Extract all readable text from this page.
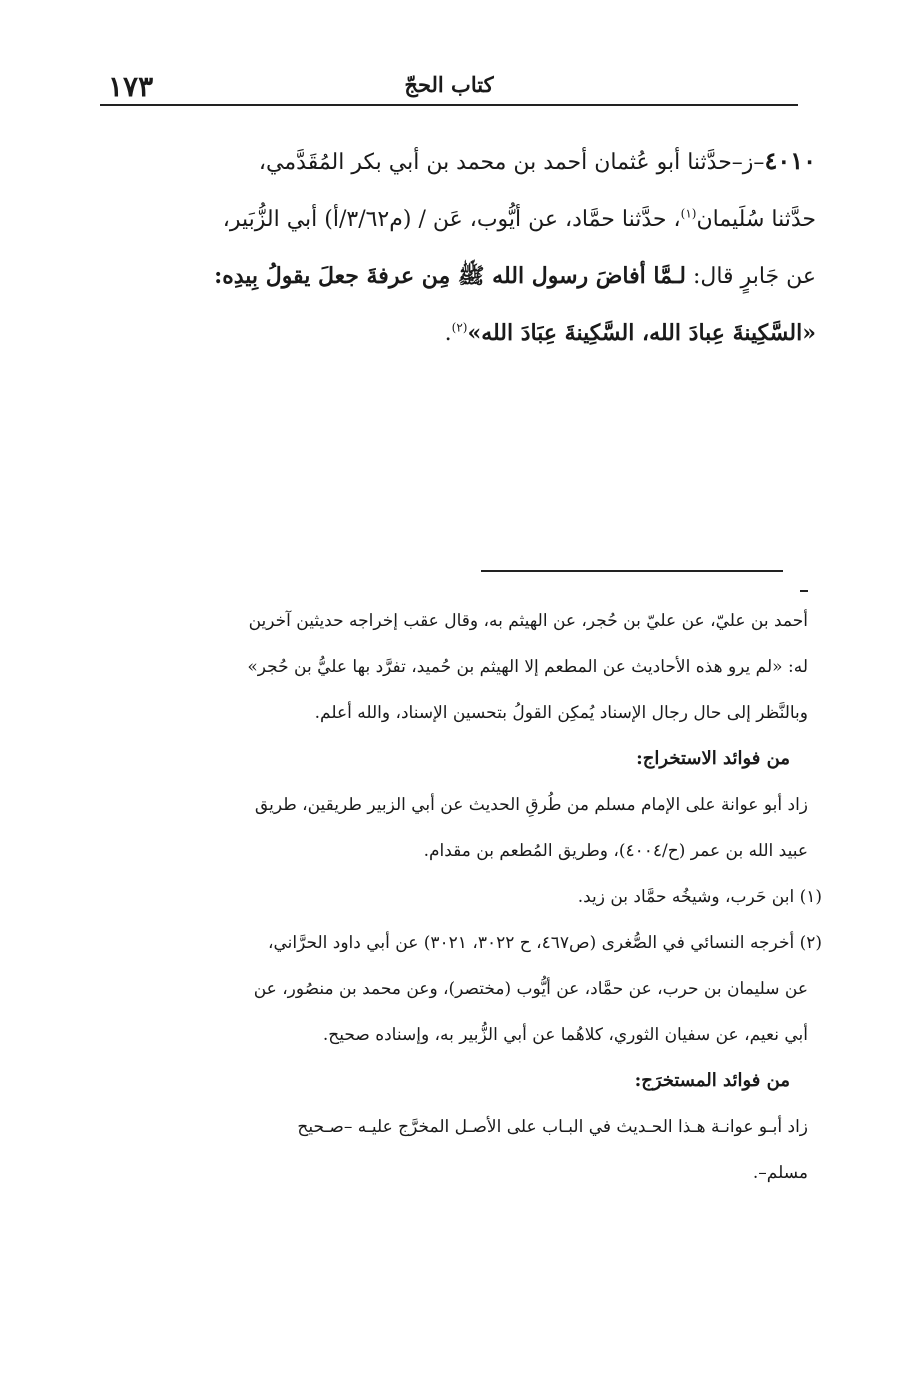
١٧٣	كتاب الحجّ

٤٠١٠–ز–حدَّثنا أبو عُثمان أحمد بن محمد بن أبي بكر المُقَدَّمي،

حدَّثنا سُلَيمان$^{(١)}$، حدَّثنا حمَّاد، عن أيُّوب، عَن / (م٣/٦٢/أ) أبي الزُّبَير،

عن جَابرٍ قال: لـمَّا أفاضَ رسول الله ﷺ مِن عرفةَ جعلَ يقولُ بِيدِه:

«السَّكِينةَ عِبادَ الله، السَّكِينةَ عِبَادَ الله»$^{(٢)}$.

أحمد بن عليّ، عن عليّ بن حُجر، عن الهيثم به، وقال عقب إخراجه حديثين آخرين

له: «لم يرو هذه الأحاديث عن المطعم إلا الهيثم بن حُميد، تفرَّد بها عليُّ بن حُجر»

وبالنَّظر إلى حال رجال الإسناد يُمكِن القولُ بتحسين الإسناد، والله أعلم.

من فوائد الاستخراج:

زاد أبو عوانة على الإمام مسلم من طُرقِ الحديث عن أبي الزبير طريقين، طريق

عبيد الله بن عمر (ح/٤٠٠٤)، وطريق المُطعم بن مقدام.

(١) ابن حَرب، وشيخُه حمَّاد بن زيد.

(٢) أخرجه النسائي في الصُّغرى (ص٤٦٧، ح ٣٠٢٢، ٣٠٢١) عن أبي داود الحرَّاني،

عن سليمان بن حرب، عن حمَّاد، عن أيُّوب (مختصر)، وعن محمد بن منصُور، عن

أبي نعيم، عن سفيان الثوري، كلاهُما عن أبي الزُّبير به، وإسناده صحيح.

من فوائد المستخرَج:

زاد أبـو عوانـة هـذا الحـديث في البـاب على الأصـل المخرَّج عليـه –صـحيح

مسلم–.
